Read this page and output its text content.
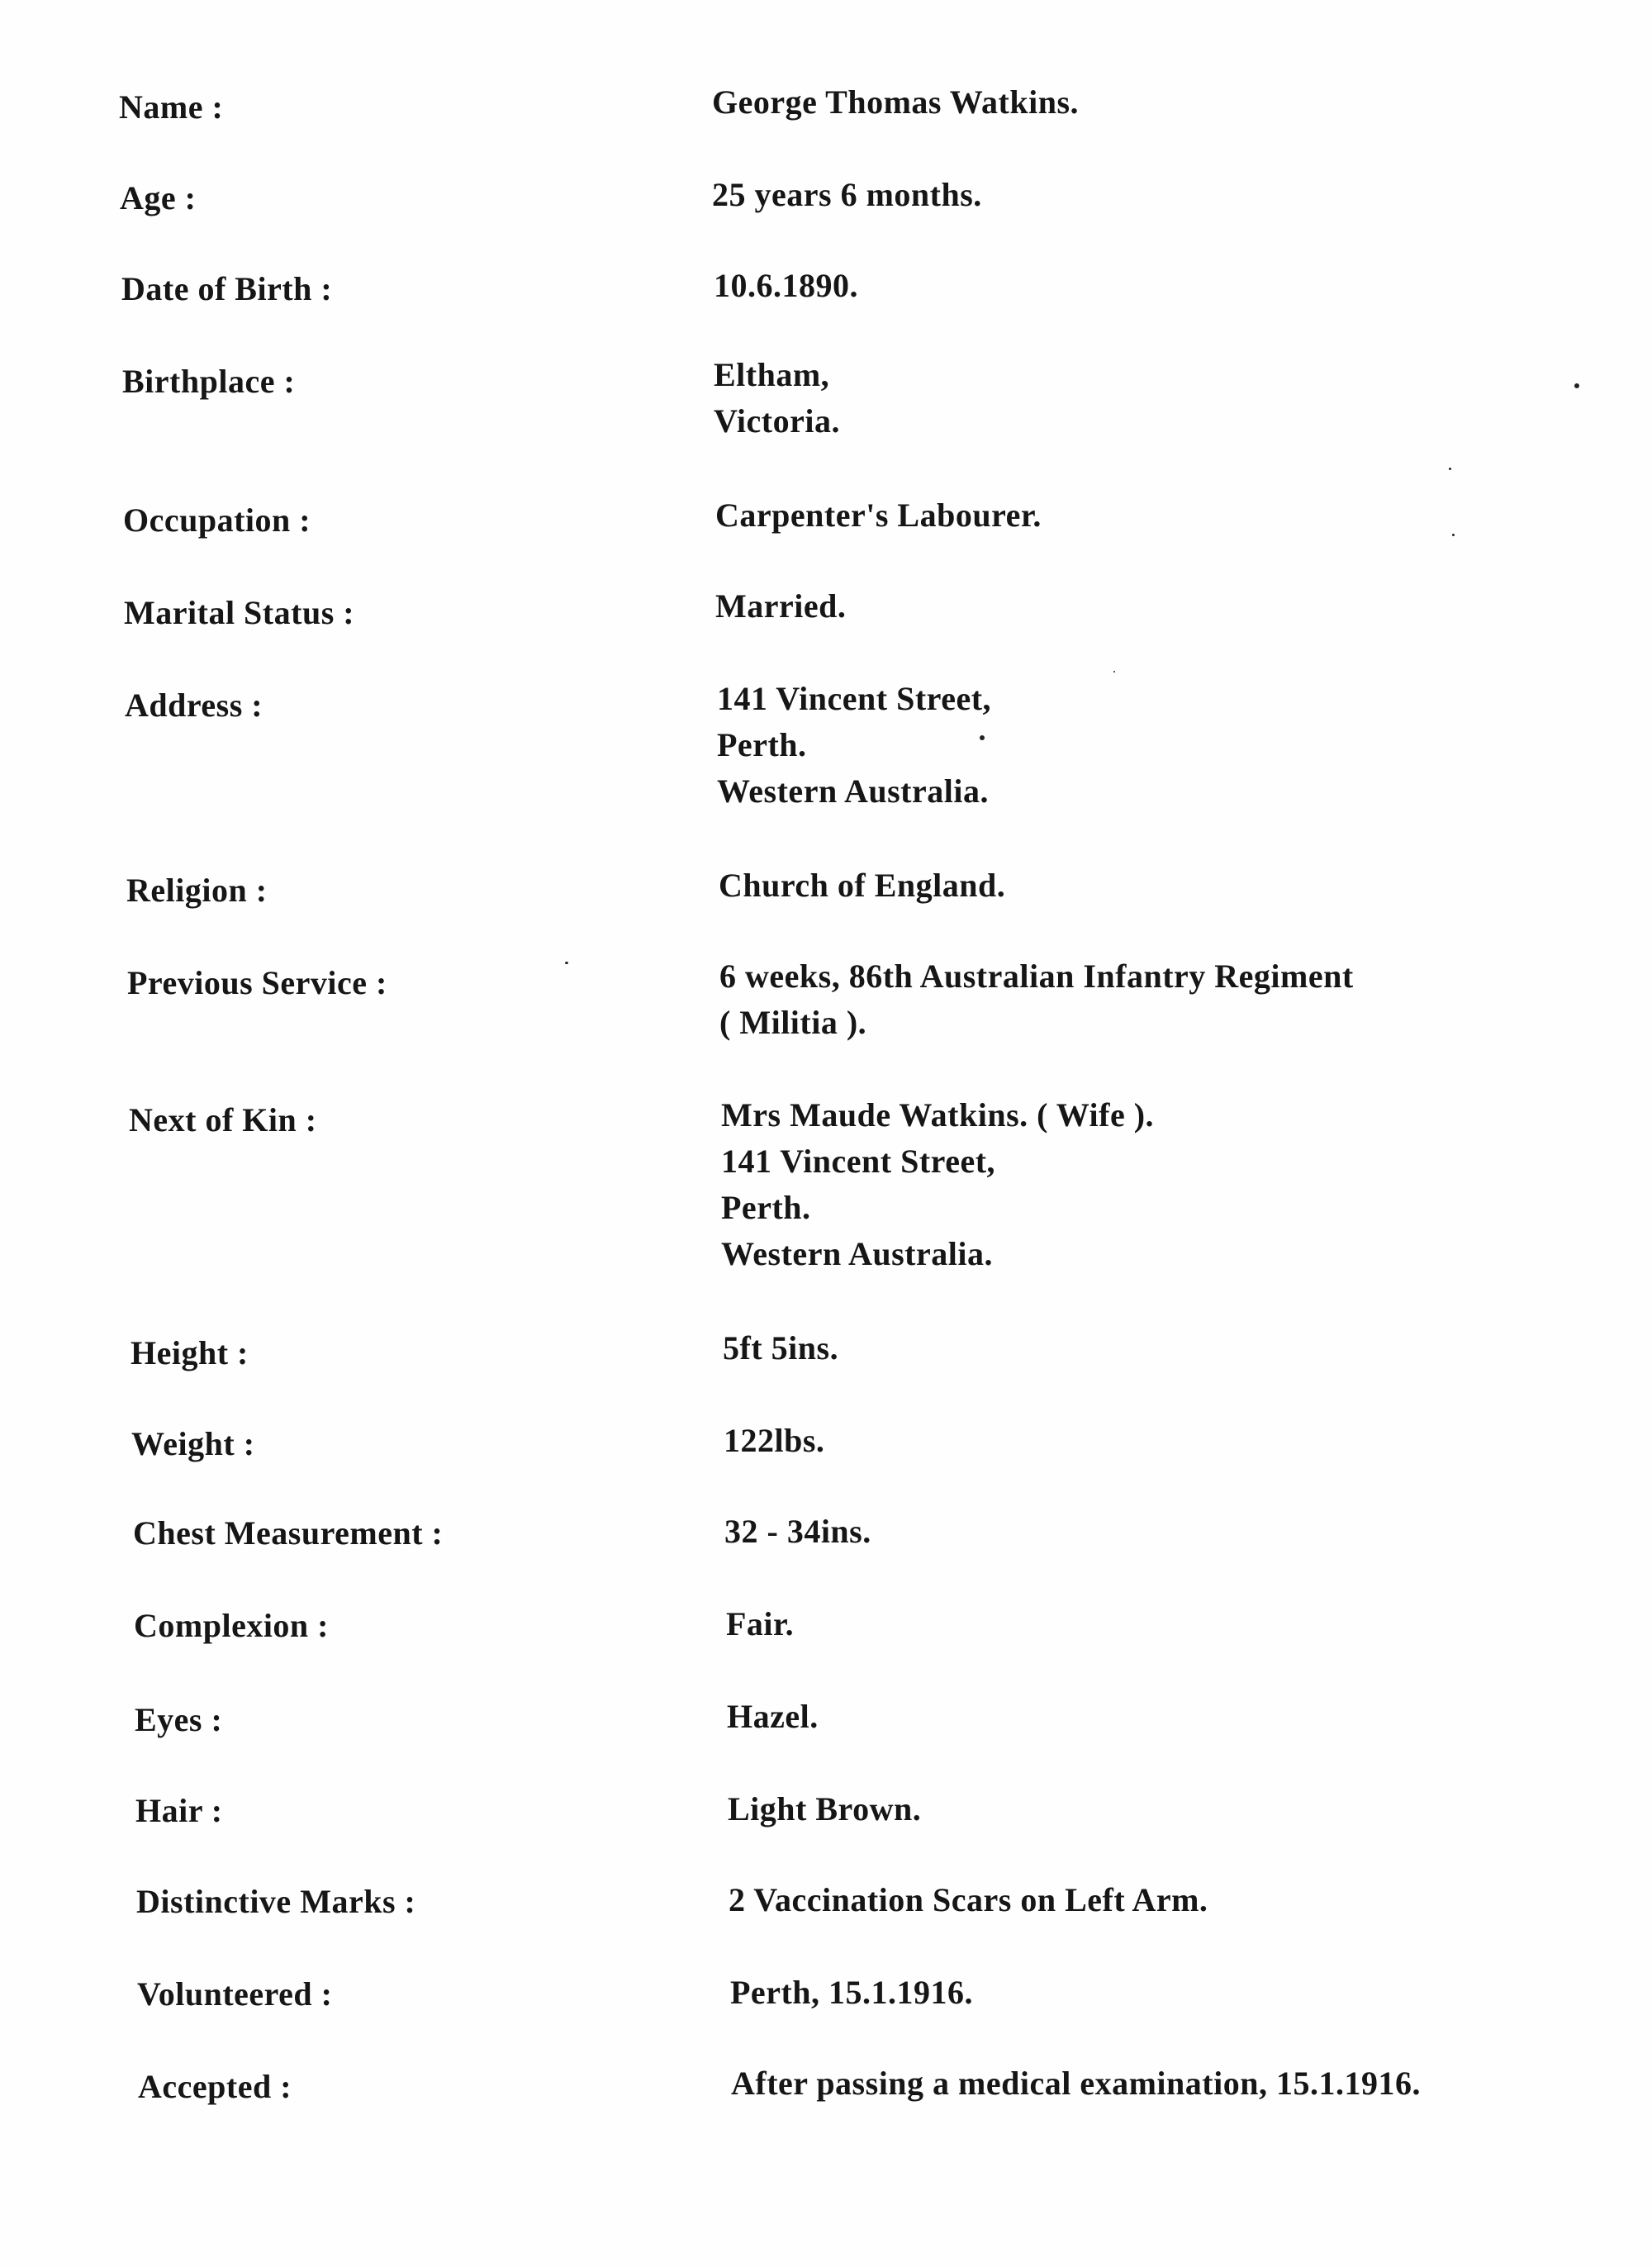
Name :	George Thomas Watkins.
Age :	25 years 6 months.
Date of Birth :	10.6.1890.
Birthplace :	Eltham,
Victoria.
Occupation :	Carpenter's Labourer.
Marital Status :	Married.
Address :	141 Vincent Street,
Perth.
Western Australia.
Religion :	Church of England.
Previous Service :	6 weeks, 86th Australian Infantry Regiment
( Militia ).
Next of Kin :	Mrs Maude Watkins. ( Wife ).
141 Vincent Street,
Perth.
Western Australia.
Height :	5ft 5ins.
Weight :	122lbs.
Chest Measurement :	32 - 34ins.
Complexion :	Fair.
Eyes :	Hazel.
Hair :	Light Brown.
Distinctive Marks :	2 Vaccination Scars on Left Arm.
Volunteered :	Perth, 15.1.1916.
Accepted :	After passing a medical examination, 15.1.1916.
